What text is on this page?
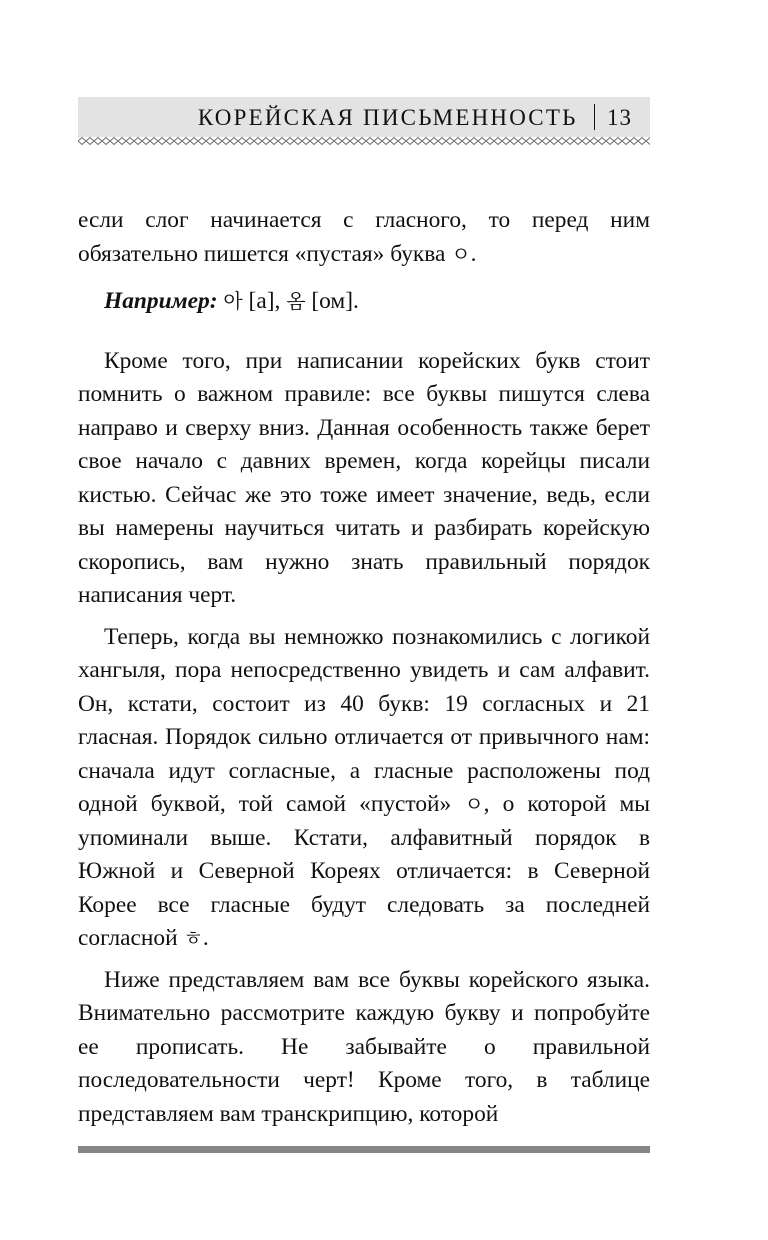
КОРЕЙСКАЯ ПИСЬМЕННОСТЬ 13

если слог начинается с гласного, то перед ним обязательно пишется «пустая» буква ㅇ.

Например: 아 [а], 옴 [ом].

Кроме того, при написании корейских букв стоит помнить о важном правиле: все буквы пишутся слева направо и сверху вниз. Данная особенность также берет свое начало с давних времен, когда корейцы писали кистью. Сейчас же это тоже имеет значение, ведь, если вы намерены научиться читать и разбирать корейскую скоропись, вам нужно знать правильный порядок написания черт.

Теперь, когда вы немножко познакомились с логикой хангыля, пора непосредственно увидеть и сам алфавит. Он, кстати, состоит из 40 букв: 19 согласных и 21 гласная. Порядок сильно отличается от привычного нам: сначала идут согласные, а гласные расположены под одной буквой, той самой «пустой» ㅇ, о которой мы упоминали выше. Кстати, алфавитный порядок в Южной и Северной Кореях отличается: в Северной Корее все гласные будут следовать за последней согласной ㅎ.

Ниже представляем вам все буквы корейского языка. Внимательно рассмотрите каждую букву и попробуйте ее прописать. Не забывайте о правильной последовательности черт! Кроме того, в таблице представляем вам транскрипцию, которой
